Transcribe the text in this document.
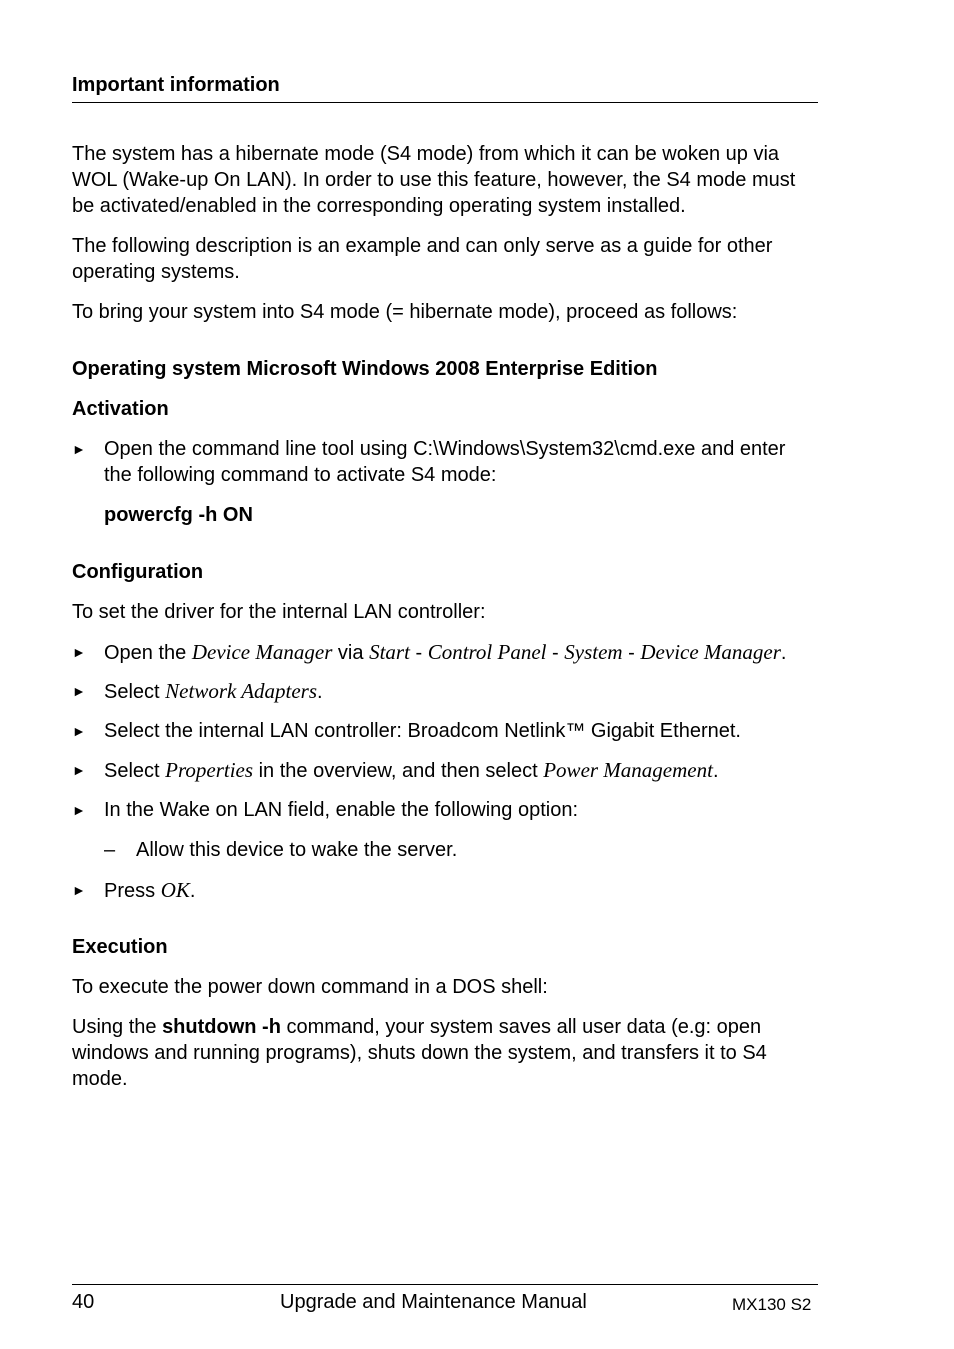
Important information

The system has a hibernate mode (S4 mode) from which it can be woken up via WOL (Wake-up On LAN). In order to use this feature, however, the S4 mode must be activated/enabled in the corresponding operating system installed.

The following description is an example and can only serve as a guide for other operating systems.

To bring your system into S4 mode (= hibernate mode), proceed as follows:

Operating system Microsoft Windows 2008 Enterprise Edition
Activation
► Open the command line tool using C:\Windows\System32\cmd.exe and enter the following command to activate S4 mode:

powercfg -h ON

Configuration

To set the driver for the internal LAN controller:

► Open the Device Manager via Start - Control Panel - System - Device Manager.
► Select Network Adapters.
► Select the internal LAN controller: Broadcom Netlink™ Gigabit Ethernet.
► Select Properties in the overview, and then select Power Management.
► In the Wake on LAN field, enable the following option:
– Allow this device to wake the server.
► Press OK.
Execution

To execute the power down command in a DOS shell:

Using the shutdown -h command, your system saves all user data (e.g: open windows and running programs), shuts down the system, and transfers it to S4 mode.

40	Upgrade and Maintenance Manual	MX130 S2
